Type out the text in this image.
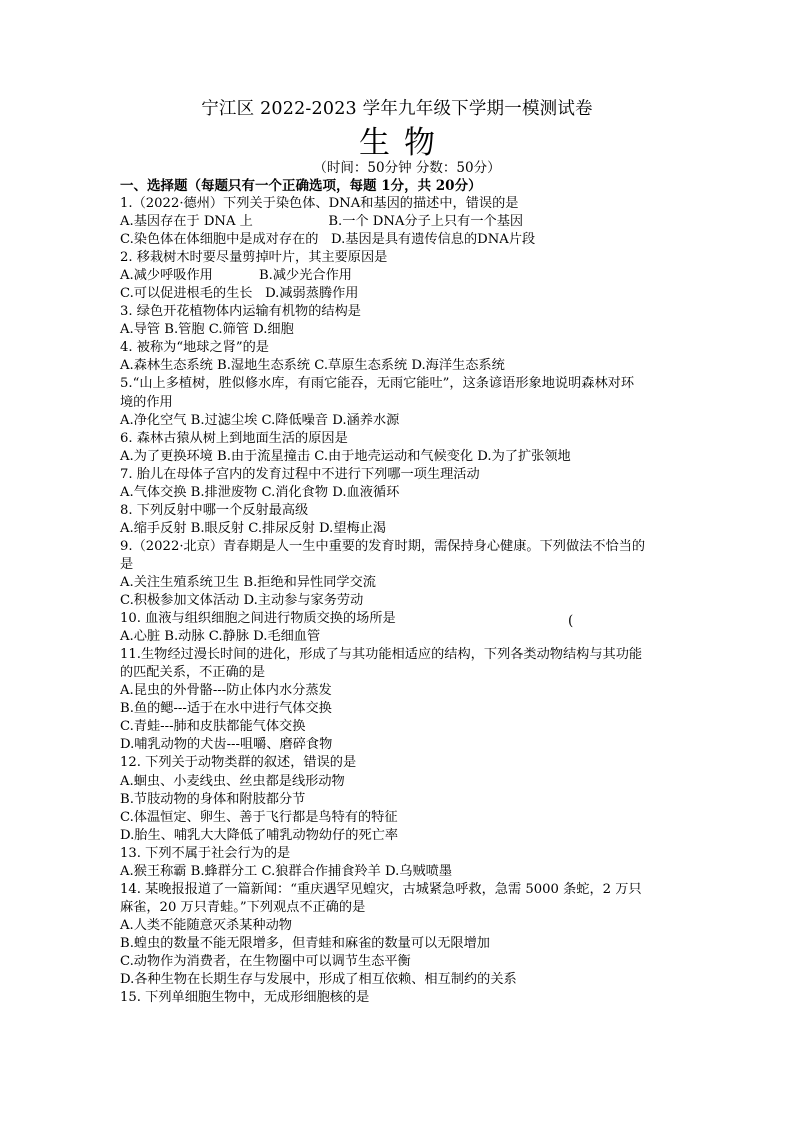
宁江区 2022-2023 学年九年级下学期一模测试卷
生物
（时间：50分钟 分数：50分）
一、选择题（每题只有一个正确选项，每题 1分，共 20分）
1.（2022·德州）下列关于染色体、DNA和基因的描述中，错误的是
A.基因存在于 DNA 上                  B.一个 DNA分子上只有一个基因
C.染色体在体细胞中是成对存在的   D.基因是具有遗传信息的DNA片段
2. 移栽树木时要尽量剪掉叶片，其主要原因是
A.减少呼吸作用           B.减少光合作用
C.可以促进根毛的生长   D.减弱蒸腾作用
3. 绿色开花植物体内运输有机物的结构是
A.导管 B.管胞 C.筛管 D.细胞
4. 被称为“地球之肾”的是
A.森林生态系统 B.湿地生态系统 C.草原生态系统 D.海洋生态系统
5.“山上多植树，胜似修水库，有雨它能吞，无雨它能吐”，这条谚语形象地说明森林对环
境的作用
A.净化空气 B.过滤尘埃 C.降低噪音 D.涵养水源
6. 森林古猿从树上到地面生活的原因是
A.为了更换环境 B.由于流星撞击 C.由于地壳运动和气候变化 D.为了扩张领地
7. 胎儿在母体子宫内的发育过程中不进行下列哪一项生理活动
A.气体交换 B.排泄废物 C.消化食物 D.血液循环
8. 下列反射中哪一个反射最高级
A.缩手反射 B.眼反射 C.排尿反射 D.望梅止渴
9.（2022·北京）青春期是人一生中重要的发育时期，需保持身心健康。下列做法不恰当的
是
A.关注生殖系统卫生 B.拒绝和异性同学交流
C.积极参加文体活动 D.主动参与家务劳动
10. 血液与组织细胞之间进行物质交换的场所是
A.心脏 B.动脉 C.静脉 D.毛细血管
11.生物经过漫长时间的进化，形成了与其功能相适应的结构，下列各类动物结构与其功能
的匹配关系，不正确的是
A.昆虫的外骨骼---防止体内水分蒸发
B.鱼的鳃---适于在水中进行气体交换
C.青蛙---肺和皮肤都能气体交换
D.哺乳动物的犬齿---咀嚼、磨碎食物
12. 下列关于动物类群的叙述，错误的是
A.蛔虫、小麦线虫、丝虫都是线形动物
B.节肢动物的身体和附肢都分节
C.体温恒定、卵生、善于飞行都是鸟特有的特征
D.胎生、哺乳大大降低了哺乳动物幼仔的死亡率
13. 下列不属于社会行为的是
A.猴王称霸 B.蜂群分工 C.狼群合作捕食羚羊 D.乌贼喷墨
14. 某晚报报道了一篇新闻：“重庆遇罕见蝗灾，古城紧急呼救，急需 5000 条蛇，2 万只
麻雀，20 万只青蛙。”下列观点不正确的是
A.人类不能随意灭杀某种动物
B.蝗虫的数量不能无限增多，但青蛙和麻雀的数量可以无限增加
C.动物作为消费者，在生物圈中可以调节生态平衡
D.各种生物在长期生存与发展中，形成了相互依赖、相互制约的关系
15. 下列单细胞生物中，无成形细胞核的是
(
